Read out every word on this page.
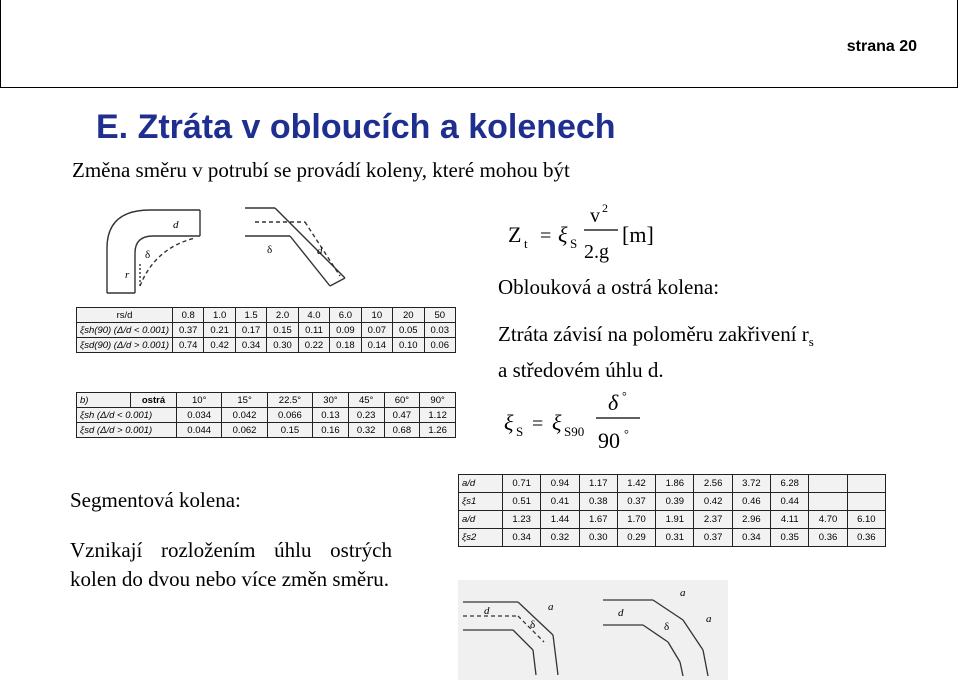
strana 20
E. Ztráta v obloucích a kolenech
Změna směru v potrubí se provádí koleny, které mohou být
d
δ
r
δ	d
rs/d	0.8	1.0	1.5	2.0	4.0	6.0	10	20	50
ξsh(90) (Δ/d < 0.001)	0.37	0.21	0.17	0.15	0.11	0.09	0.07	0.05	0.03
ξsd(90) (Δ/d > 0.001)	0.74	0.42	0.34	0.30	0.22	0.18	0.14	0.10	0.06
b)	ostrá	10°	15°	22.5°	30°	45°	60°	90°
ξsh (Δ/d < 0.001)		0.034	0.042	0.066	0.13	0.23	0.47	1.12
ξsd (Δ/d > 0.001)		0.044	0.062	0.15	0.16	0.32	0.68	1.26
Z t = ξ S
v 2
2.g
[m]
Oblouková a ostrá kolena:
Ztráta závisí na poloměru zakřivení $r_s$ a středovém úhlu d.
ξ S = ξ S90
δ °
90 °
a/d	0.71	0.94	1.17	1.42	1.86	2.56	3.72	6.28		
ξs1	0.51	0.41	0.38	0.37	0.39	0.42	0.46	0.44		
a/d	1.23	1.44	1.67	1.70	1.91	2.37	2.96	4.11	4.70	6.10
ξs2	0.34	0.32	0.30	0.29	0.31	0.37	0.34	0.35	0.36	0.36
d	a
δ
d
a
a
δ
Segmentová kolena:
Vznikají rozložením úhlu ostrých kolen do dvou nebo více změn směru.
